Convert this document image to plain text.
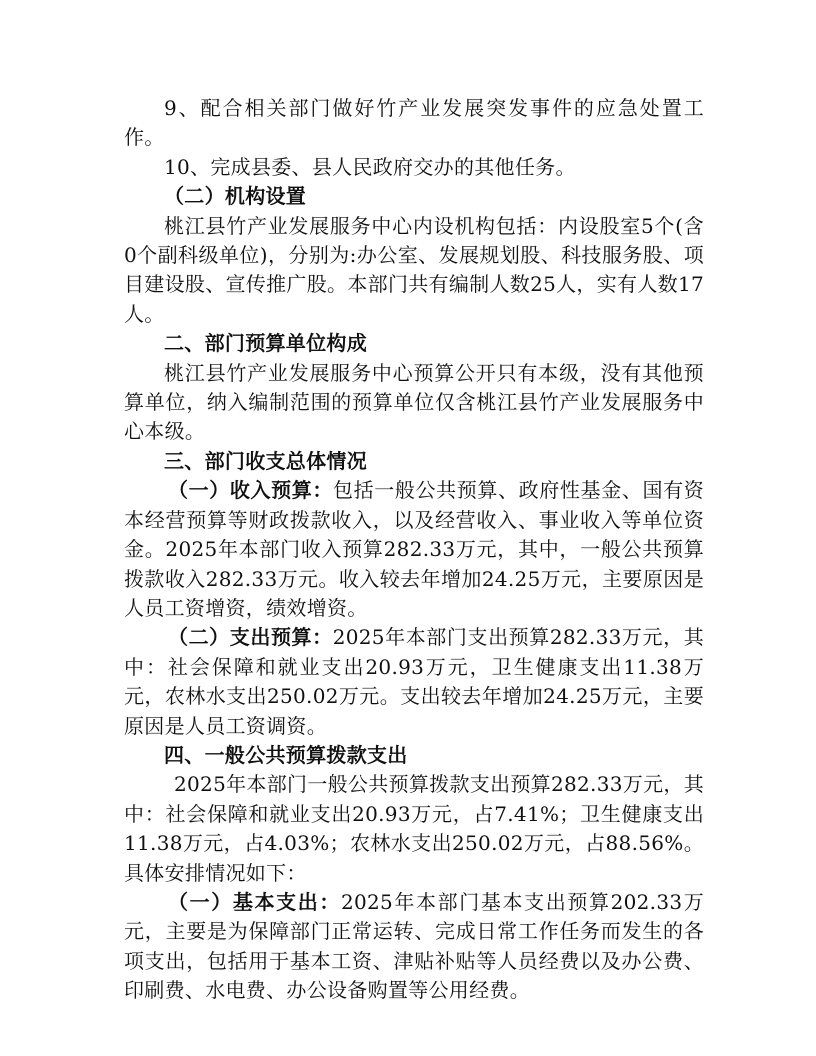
9、配合相关部门做好竹产业发展突发事件的应急处置工作。

10、完成县委、县人民政府交办的其他任务。

（二）机构设置

桃江县竹产业发展服务中心内设机构包括：内设股室5个(含0个副科级单位)，分别为:办公室、发展规划股、科技服务股、项目建设股、宣传推广股。本部门共有编制人数25人，实有人数17人。

二、部门预算单位构成

桃江县竹产业发展服务中心预算公开只有本级，没有其他预算单位，纳入编制范围的预算单位仅含桃江县竹产业发展服务中心本级。

三、部门收支总体情况

（一）收入预算：包括一般公共预算、政府性基金、国有资本经营预算等财政拨款收入，以及经营收入、事业收入等单位资金。2025年本部门收入预算282.33万元，其中，一般公共预算拨款收入282.33万元。收入较去年增加24.25万元，主要原因是人员工资增资，绩效增资。

（二）支出预算：2025年本部门支出预算282.33万元，其中：社会保障和就业支出20.93万元，卫生健康支出11.38万元，农林水支出250.02万元。支出较去年增加24.25万元，主要原因是人员工资调资。

四、一般公共预算拨款支出

2025年本部门一般公共预算拨款支出预算282.33万元，其中：社会保障和就业支出20.93万元，占7.41%；卫生健康支出11.38万元，占4.03%；农林水支出250.02万元，占88.56%。具体安排情况如下：

（一）基本支出：2025年本部门基本支出预算202.33万元，主要是为保障部门正常运转、完成日常工作任务而发生的各项支出，包括用于基本工资、津贴补贴等人员经费以及办公费、印刷费、水电费、办公设备购置等公用经费。
